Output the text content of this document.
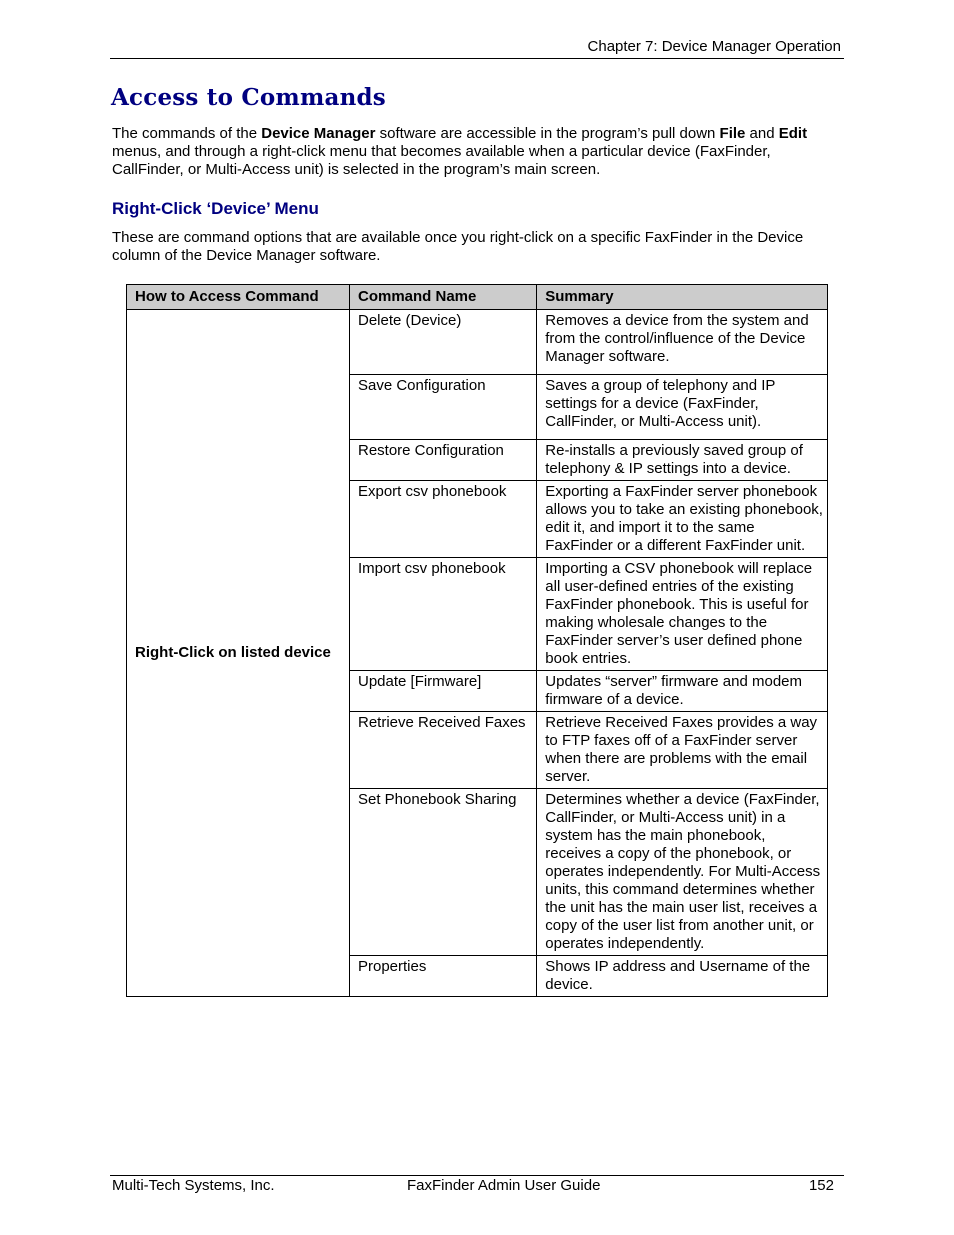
Chapter 7: Device Manager Operation
Access to Commands

The commands of the Device Manager software are accessible in the program’s pull down File and Edit menus, and through a right-click menu that becomes available when a particular device (FaxFinder, CallFinder, or Multi-Access unit) is selected in the program’s main screen.

Right-Click ‘Device’ Menu

These are command options that are available once you right-click on a specific FaxFinder in the Device column of the Device Manager software.

How to Access Command	Command Name	Summary
Right-Click on listed device	Delete (Device)	Removes a device from the system and from the control/influence of the Device Manager software.
	Save Configuration	Saves a group of telephony and IP settings for a device (FaxFinder, CallFinder, or Multi-Access unit).
	Restore Configuration	Re-installs a previously saved group of telephony & IP settings into a device.
	Export csv phonebook	Exporting a FaxFinder server phonebook allows you to take an existing phonebook, edit it, and import it to the same FaxFinder or a different FaxFinder unit.
	Import csv phonebook	Importing a CSV phonebook will replace all user-defined entries of the existing FaxFinder phonebook. This is useful for making wholesale changes to the FaxFinder server’s user defined phone book entries.
	Update [Firmware]	Updates “server” firmware and modem firmware of a device.
	Retrieve Received Faxes	Retrieve Received Faxes provides a way to FTP faxes off of a FaxFinder server when there are problems with the email server.
	Set Phonebook Sharing	Determines whether a device (FaxFinder, CallFinder, or Multi-Access unit) in a system has the main phonebook, receives a copy of the phonebook, or operates independently. For Multi-Access units, this command determines whether the unit has the main user list, receives a copy of the user list from another unit, or operates independently.
	Properties	Shows IP address and Username of the device.
Multi-Tech Systems, Inc.	FaxFinder Admin User Guide	152
